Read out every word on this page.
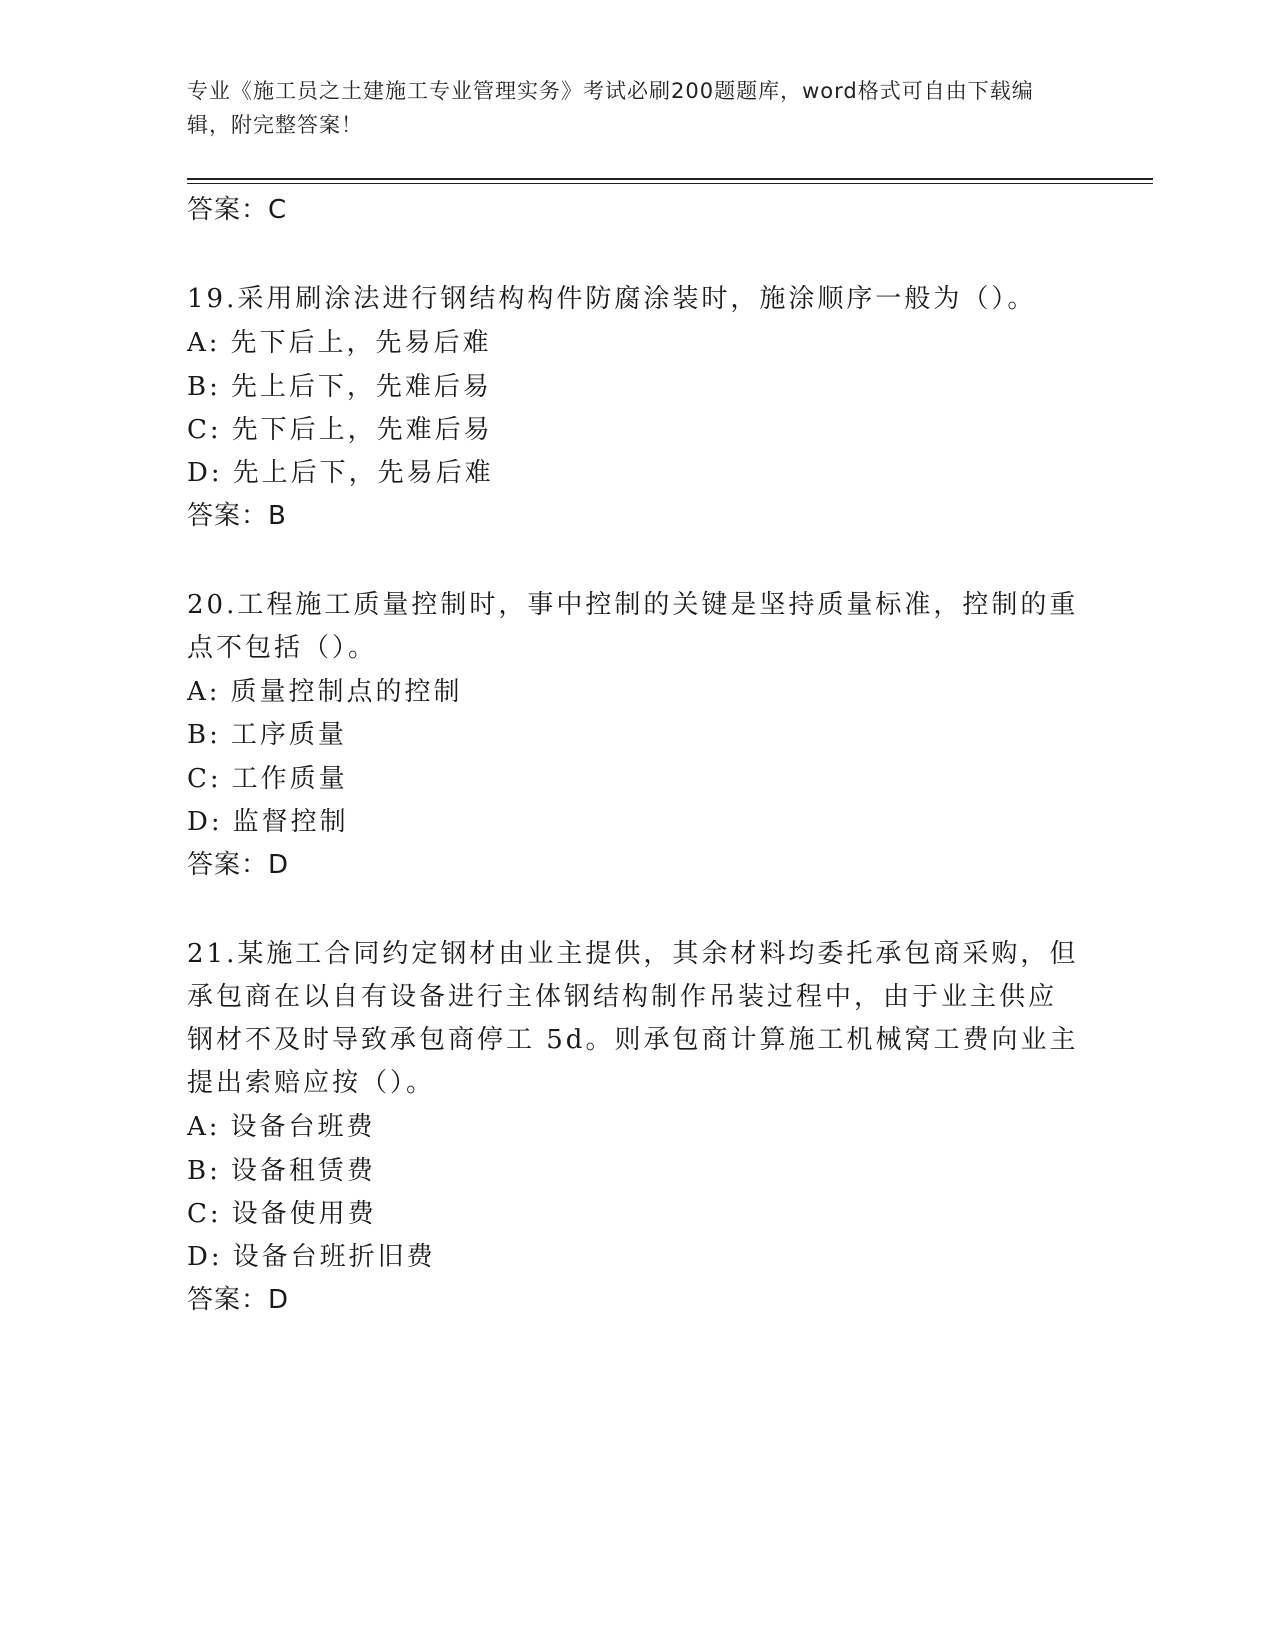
专业《施工员之土建施工专业管理实务》考试必刷200题题库，word格式可自由下载编辑，附完整答案！
答案：C
19.采用刷涂法进行钢结构构件防腐涂装时，施涂顺序一般为（）。
A: 先下后上，先易后难
B: 先上后下，先难后易
C: 先下后上，先难后易
D: 先上后下，先易后难
答案：B
20.工程施工质量控制时，事中控制的关键是坚持质量标准，控制的重
点不包括（）。
A: 质量控制点的控制
B: 工序质量
C: 工作质量
D: 监督控制
答案：D
21.某施工合同约定钢材由业主提供，其余材料均委托承包商采购，但
承包商在以自有设备进行主体钢结构制作吊装过程中，由于业主供应
钢材不及时导致承包商停工 5d。则承包商计算施工机械窝工费向业主
提出索赔应按（）。
A: 设备台班费
B: 设备租赁费
C: 设备使用费
D: 设备台班折旧费
答案：D
